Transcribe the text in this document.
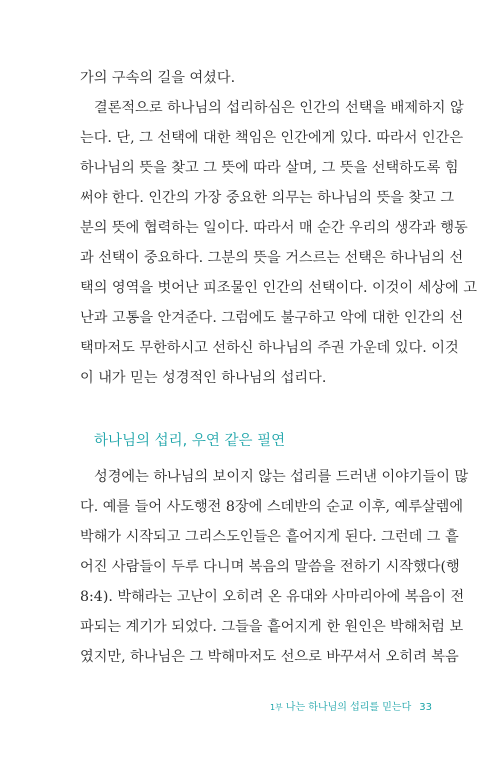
가의 구속의 길을 여셨다.
결론적으로 하나님의 섭리하심은 인간의 선택을 배제하지 않
는다. 단, 그 선택에 대한 책임은 인간에게 있다. 따라서 인간은
하나님의 뜻을 찾고 그 뜻에 따라 살며, 그 뜻을 선택하도록 힘
써야 한다. 인간의 가장 중요한 의무는 하나님의 뜻을 찾고 그
분의 뜻에 협력하는 일이다. 따라서 매 순간 우리의 생각과 행동
과 선택이 중요하다. 그분의 뜻을 거스르는 선택은 하나님의 선
택의 영역을 벗어난 피조물인 인간의 선택이다. 이것이 세상에 고
난과 고통을 안겨준다. 그럼에도 불구하고 악에 대한 인간의 선
택마저도 무한하시고 선하신 하나님의 주권 가운데 있다. 이것
이 내가 믿는 성경적인 하나님의 섭리다.
하나님의 섭리, 우연 같은 필연
성경에는 하나님의 보이지 않는 섭리를 드러낸 이야기들이 많
다. 예를 들어 사도행전 8장에 스데반의 순교 이후, 예루살렘에
박해가 시작되고 그리스도인들은 흩어지게 된다. 그런데 그 흩
어진 사람들이 두루 다니며 복음의 말씀을 전하기 시작했다(행
8:4). 박해라는 고난이 오히려 온 유대와 사마리아에 복음이 전
파되는 계기가 되었다. 그들을 흩어지게 한 원인은 박해처럼 보
였지만, 하나님은 그 박해마저도 선으로 바꾸셔서 오히려 복음
1부 나는 하나님의 섭리를 믿는다 33
